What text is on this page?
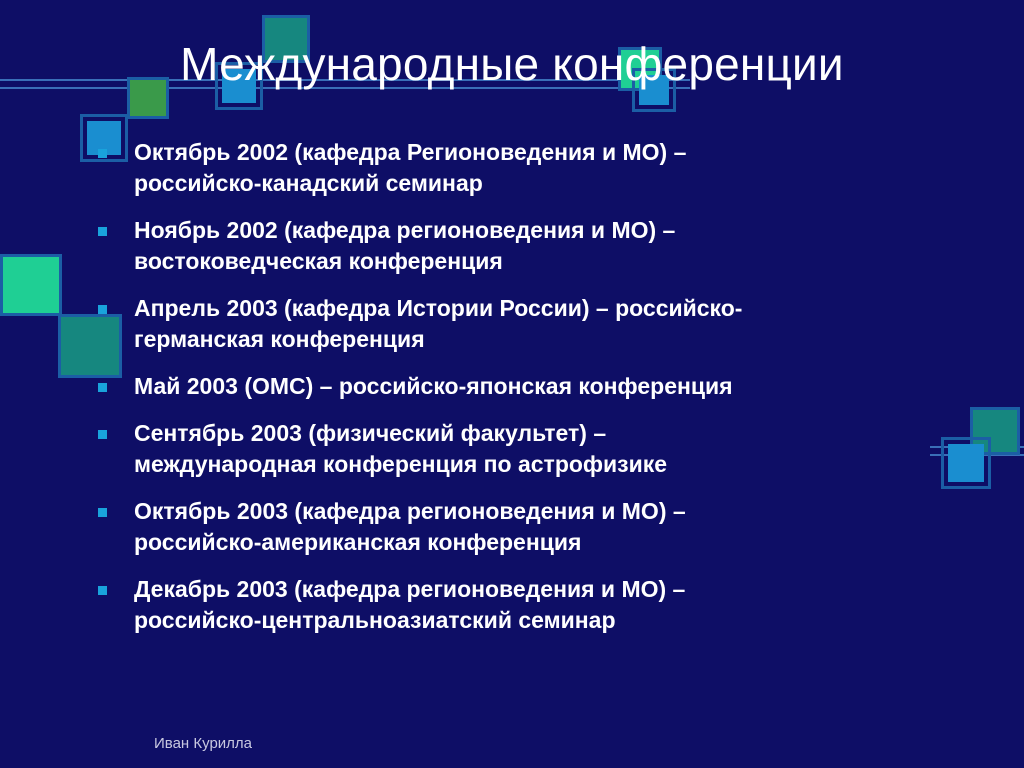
Международные конференции
Октябрь 2002 (кафедра Регионоведения и МО) –
российско-канадский семинар
Ноябрь 2002 (кафедра регионоведения и МО) –
востоковедческая конференция
Апрель 2003 (кафедра Истории России) – российско-
германская конференция
Май 2003 (ОМС) – российско-японская конференция
Сентябрь 2003 (физический факультет) –
международная конференция по астрофизике
Октябрь 2003 (кафедра регионоведения и МО) –
российско-американская конференция
Декабрь 2003 (кафедра регионоведения и МО) –
российско-центральноазиатский семинар
Иван Курилла
